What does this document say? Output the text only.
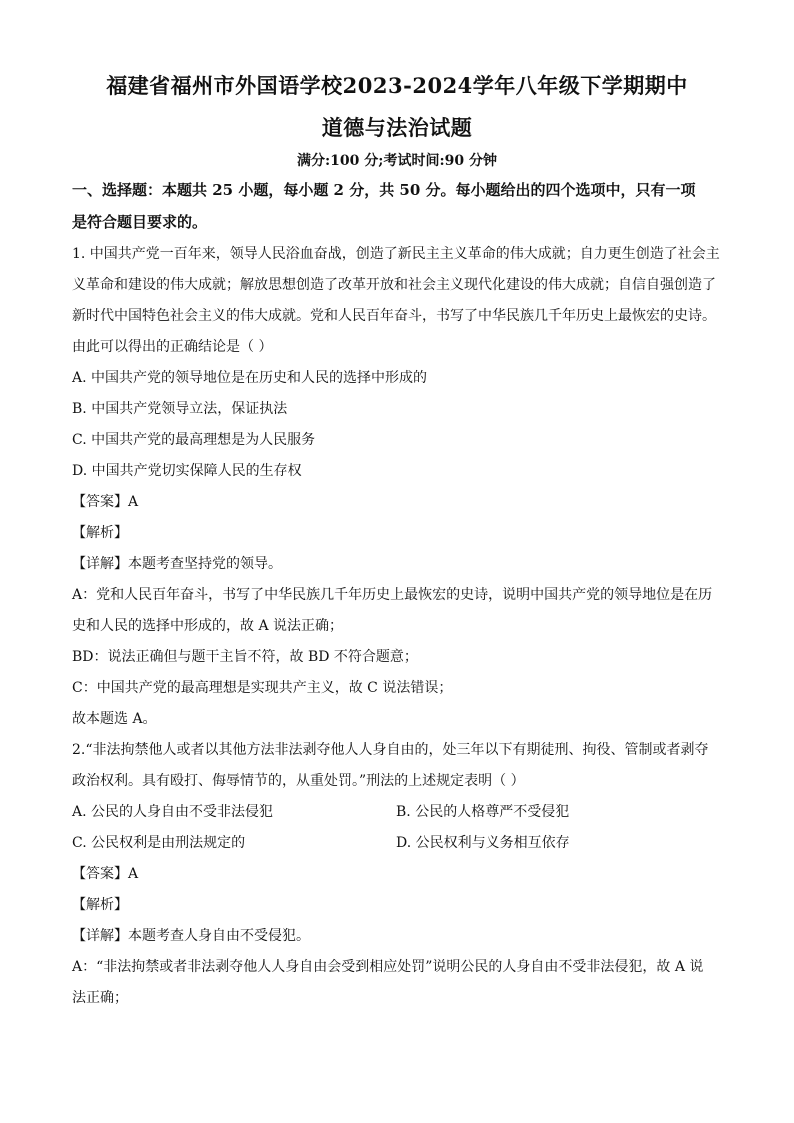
福建省福州市外国语学校2023-2024学年八年级下学期期中
道德与法治试题
满分:100 分;考试时间:90 分钟
一、选择题：本题共 25 小题，每小题 2 分，共 50 分。每小题给出的四个选项中，只有一项
是符合题目要求的。
1. 中国共产党一百年来，领导人民浴血奋战，创造了新民主主义革命的伟大成就；自力更生创造了社会主
义革命和建设的伟大成就；解放思想创造了改革开放和社会主义现代化建设的伟大成就；自信自强创造了
新时代中国特色社会主义的伟大成就。党和人民百年奋斗，书写了中华民族几千年历史上最恢宏的史诗。
由此可以得出的正确结论是（ ）
A. 中国共产党的领导地位是在历史和人民的选择中形成的
B. 中国共产党领导立法，保证执法
C. 中国共产党的最高理想是为人民服务
D. 中国共产党切实保障人民的生存权
【答案】A
【解析】
【详解】本题考查坚持党的领导。
A：党和人民百年奋斗，书写了中华民族几千年历史上最恢宏的史诗，说明中国共产党的领导地位是在历
史和人民的选择中形成的，故 A 说法正确；
BD：说法正确但与题干主旨不符，故 BD 不符合题意；
C：中国共产党的最高理想是实现共产主义，故 C 说法错误；
故本题选 A。
2.“非法拘禁他人或者以其他方法非法剥夺他人人身自由的，处三年以下有期徒刑、拘役、管制或者剥夺
政治权利。具有殴打、侮辱情节的，从重处罚。”刑法的上述规定表明（ ）
A. 公民的人身自由不受非法侵犯	B. 公民的人格尊严不受侵犯
C. 公民权利是由刑法规定的	D. 公民权利与义务相互依存
【答案】A
【解析】
【详解】本题考查人身自由不受侵犯。
A：“非法拘禁或者非法剥夺他人人身自由会受到相应处罚”说明公民的人身自由不受非法侵犯，故 A 说
法正确；
